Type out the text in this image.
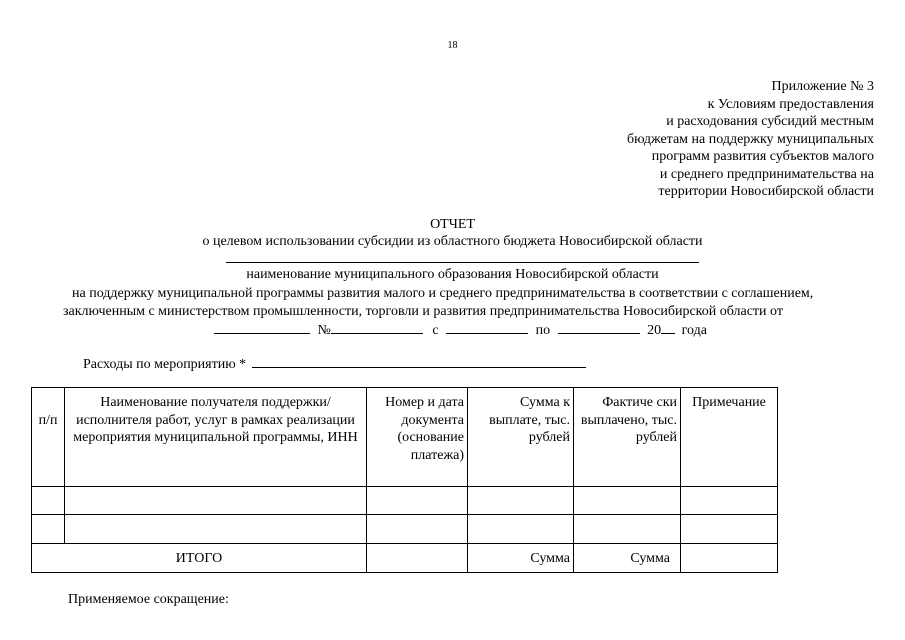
18
Приложение № 3
к Условиям предоставления
и расходования субсидий местным
бюджетам на поддержку муниципальных
программ развития субъектов малого
и среднего предпринимательства на
территории Новосибирской области
ОТЧЕТ
о целевом использовании субсидии из областного бюджета Новосибирской области
наименование муниципального образования Новосибирской области
на поддержку муниципальной программы развития малого и среднего предпринимательства в соответствии с соглашением,
заключенным с министерством промышленности, торговли и развития предпринимательства Новосибирской области от
№	с	по	20 года
Расходы по мероприятию *
п/п	Наименование получателя поддержки/исполнителя работ, услуг в рамках реализации мероприятия муниципальной программы, ИНН	Номер и дата документа (основание платежа)	Сумма к выплате, тыс. рублей	Фактиче ски выплачено, тыс. рублей	Примечание

ИТОГО			Сумма	Сумма	
Применяемое сокращение:
